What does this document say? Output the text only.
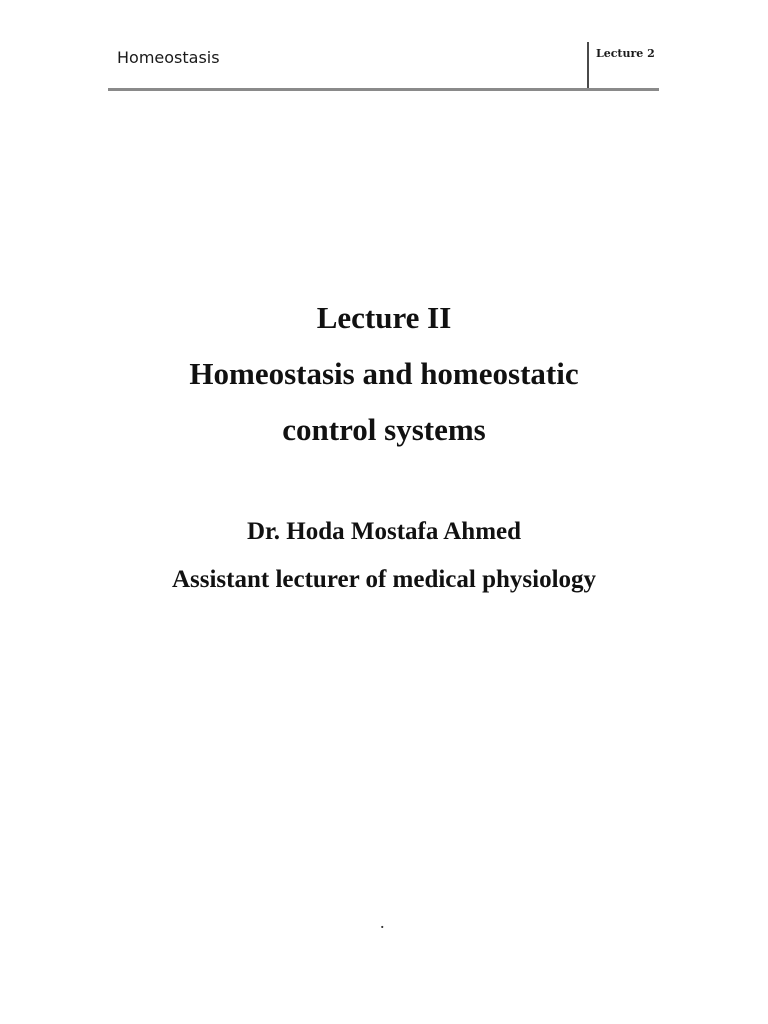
Homeostasis	Lecture 2
Lecture II
Homeostasis and homeostatic
control systems
Dr. Hoda Mostafa Ahmed
Assistant lecturer of medical physiology
.
